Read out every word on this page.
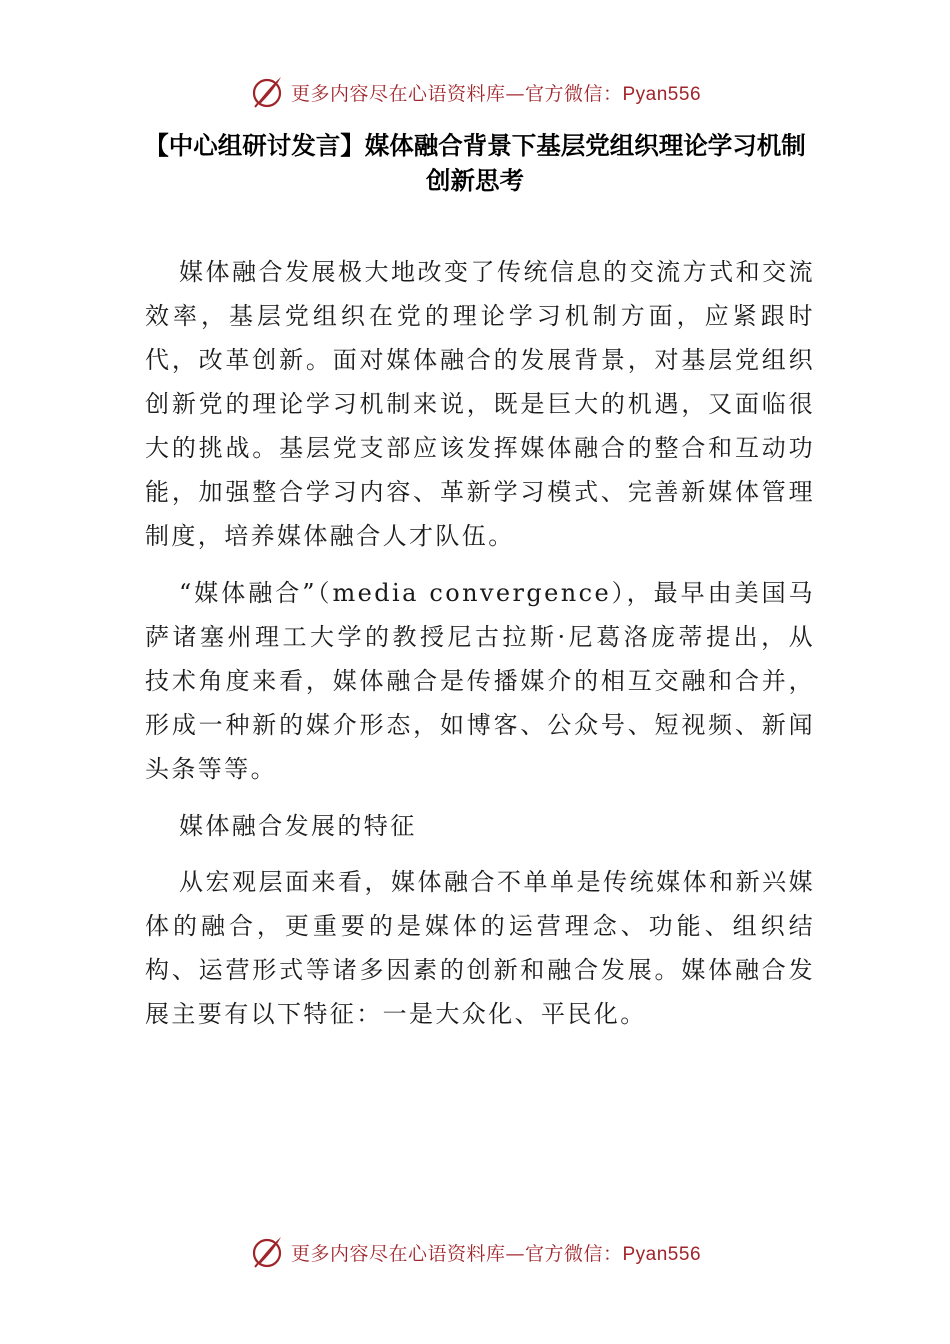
更多内容尽在心语资料库—官方微信：Pyan556
【中心组研讨发言】媒体融合背景下基层党组织理论学习机制创新思考

媒体融合发展极大地改变了传统信息的交流方式和交流效率，基层党组织在党的理论学习机制方面，应紧跟时代，改革创新。面对媒体融合的发展背景，对基层党组织创新党的理论学习机制来说，既是巨大的机遇，又面临很大的挑战。基层党支部应该发挥媒体融合的整合和互动功能，加强整合学习内容、革新学习模式、完善新媒体管理制度，培养媒体融合人才队伍。

“媒体融合”（media convergence），最早由美国马萨诸塞州理工大学的教授尼古拉斯·尼葛洛庞蒂提出，从技术角度来看，媒体融合是传播媒介的相互交融和合并，形成一种新的媒介形态，如博客、公众号、短视频、新闻头条等等。

媒体融合发展的特征

从宏观层面来看，媒体融合不单单是传统媒体和新兴媒体的融合，更重要的是媒体的运营理念、功能、组织结构、运营形式等诸多因素的创新和融合发展。媒体融合发展主要有以下特征：一是大众化、平民化。

更多内容尽在心语资料库—官方微信：Pyan556
